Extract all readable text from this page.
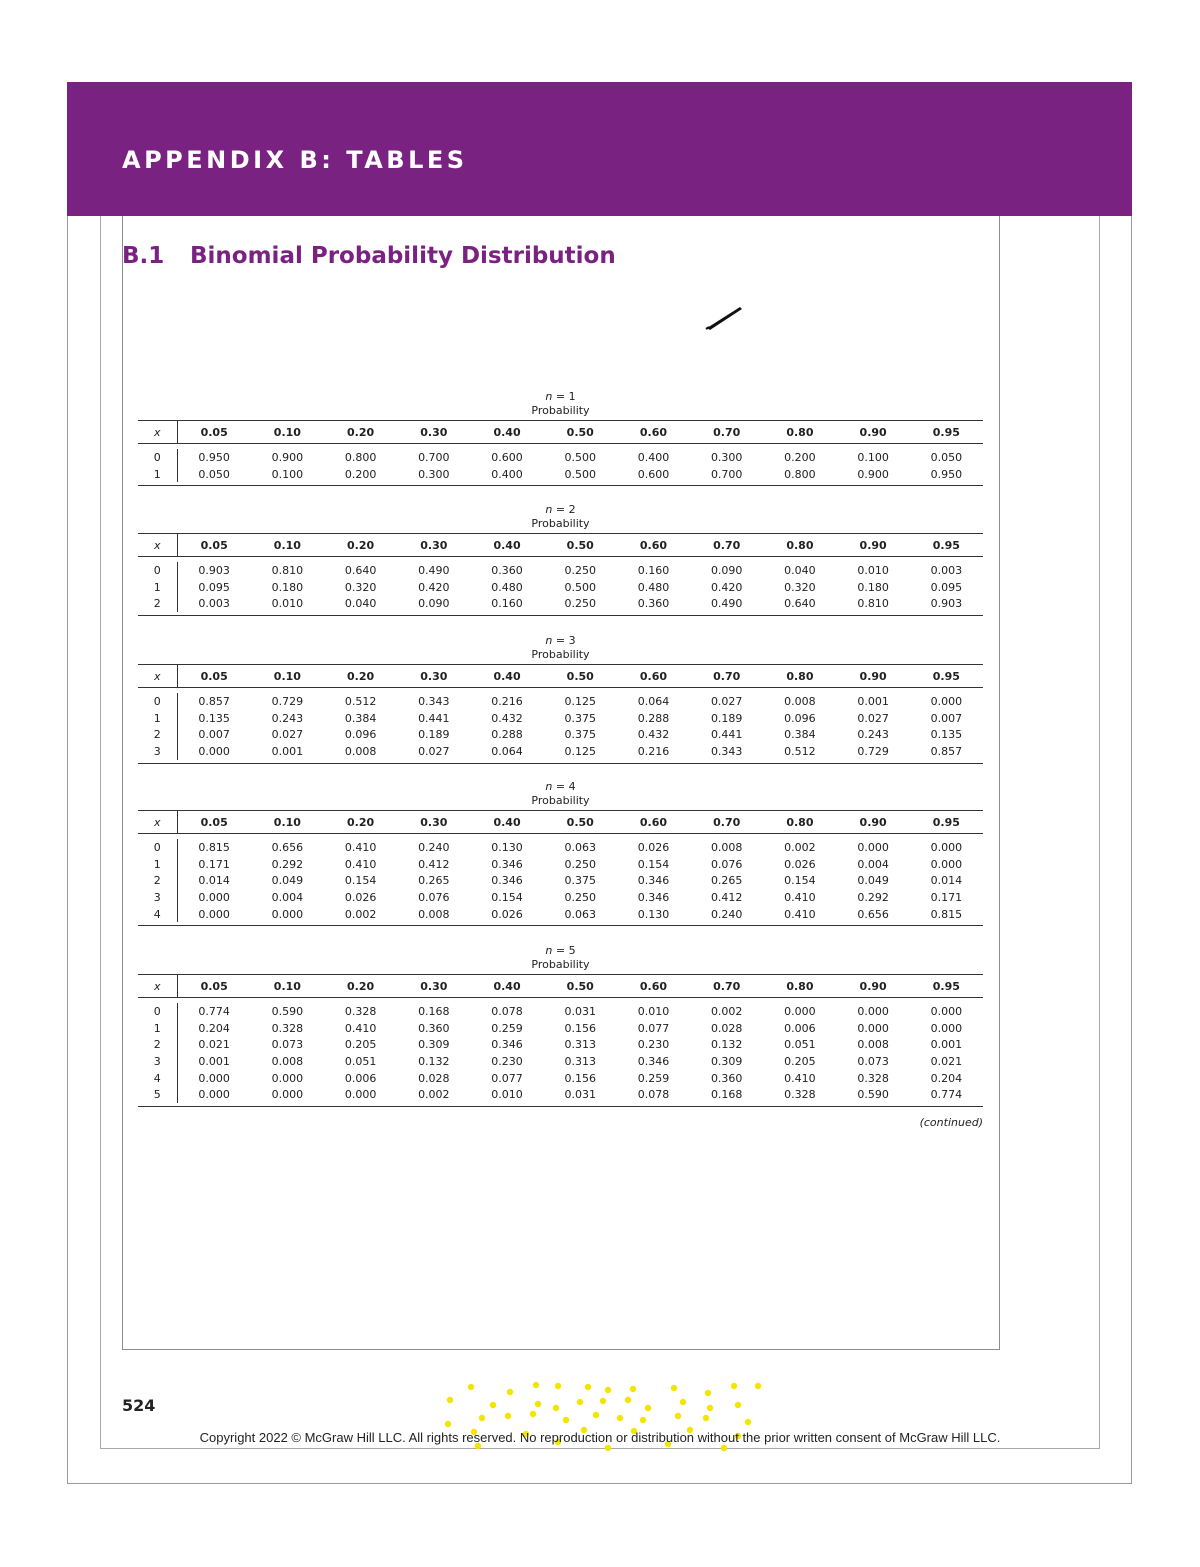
APPENDIX B: TABLES
B.1 Binomial Probability Distribution
n = 1
Probability
x	0.05	0.10	0.20	0.30	0.40	0.50	0.60	0.70	0.80	0.90	0.95
0	0.950	0.900	0.800	0.700	0.600	0.500	0.400	0.300	0.200	0.100	0.050
1	0.050	0.100	0.200	0.300	0.400	0.500	0.600	0.700	0.800	0.900	0.950
n = 2
Probability
x	0.05	0.10	0.20	0.30	0.40	0.50	0.60	0.70	0.80	0.90	0.95
0	0.903	0.810	0.640	0.490	0.360	0.250	0.160	0.090	0.040	0.010	0.003
1	0.095	0.180	0.320	0.420	0.480	0.500	0.480	0.420	0.320	0.180	0.095
2	0.003	0.010	0.040	0.090	0.160	0.250	0.360	0.490	0.640	0.810	0.903
n = 3
Probability
x	0.05	0.10	0.20	0.30	0.40	0.50	0.60	0.70	0.80	0.90	0.95
0	0.857	0.729	0.512	0.343	0.216	0.125	0.064	0.027	0.008	0.001	0.000
1	0.135	0.243	0.384	0.441	0.432	0.375	0.288	0.189	0.096	0.027	0.007
2	0.007	0.027	0.096	0.189	0.288	0.375	0.432	0.441	0.384	0.243	0.135
3	0.000	0.001	0.008	0.027	0.064	0.125	0.216	0.343	0.512	0.729	0.857
n = 4
Probability
x	0.05	0.10	0.20	0.30	0.40	0.50	0.60	0.70	0.80	0.90	0.95
0	0.815	0.656	0.410	0.240	0.130	0.063	0.026	0.008	0.002	0.000	0.000
1	0.171	0.292	0.410	0.412	0.346	0.250	0.154	0.076	0.026	0.004	0.000
2	0.014	0.049	0.154	0.265	0.346	0.375	0.346	0.265	0.154	0.049	0.014
3	0.000	0.004	0.026	0.076	0.154	0.250	0.346	0.412	0.410	0.292	0.171
4	0.000	0.000	0.002	0.008	0.026	0.063	0.130	0.240	0.410	0.656	0.815
n = 5
Probability
x	0.05	0.10	0.20	0.30	0.40	0.50	0.60	0.70	0.80	0.90	0.95
0	0.774	0.590	0.328	0.168	0.078	0.031	0.010	0.002	0.000	0.000	0.000
1	0.204	0.328	0.410	0.360	0.259	0.156	0.077	0.028	0.006	0.000	0.000
2	0.021	0.073	0.205	0.309	0.346	0.313	0.230	0.132	0.051	0.008	0.001
3	0.001	0.008	0.051	0.132	0.230	0.313	0.346	0.309	0.205	0.073	0.021
4	0.000	0.000	0.006	0.028	0.077	0.156	0.259	0.360	0.410	0.328	0.204
5	0.000	0.000	0.000	0.002	0.010	0.031	0.078	0.168	0.328	0.590	0.774
(continued)
524
Copyright 2022 © McGraw Hill LLC. All rights reserved. No reproduction or distribution without the prior written consent of McGraw Hill LLC.
